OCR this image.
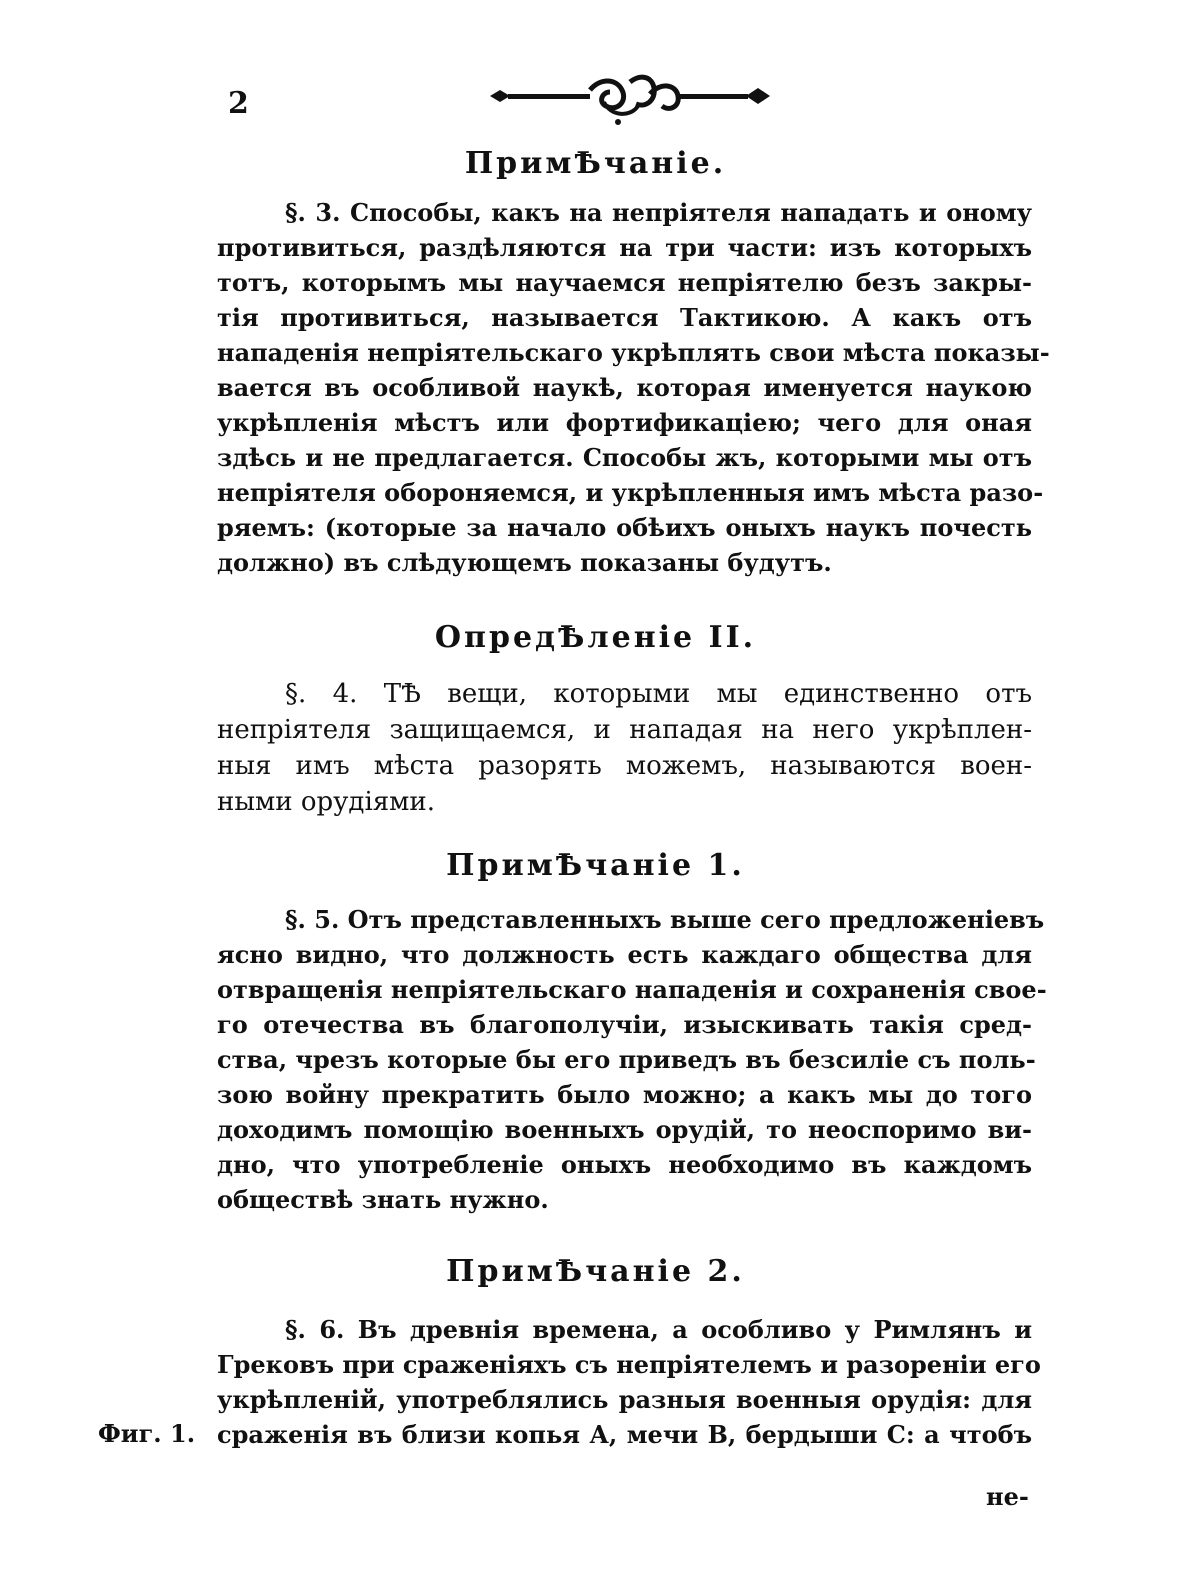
2
ПримѢчаніе.
§. 3. Способы, какъ на непріятеля нападать и оному
противиться, раздѣляются на три части: изъ которыхъ
тотъ, которымъ мы научаемся непріятелю безъ закры-
тія противиться, называется Тактикою. А какъ отъ
нападенія непріятельскаго укрѣплять свои мѣста показы-
вается въ особливой наукѣ, которая именуется наукою
укрѣпленія мѣстъ или фортификаціею; чего для оная
здѣсь и не предлагается. Способы жъ, которыми мы отъ
непріятеля обороняемся, и укрѣпленныя имъ мѣста разо-
ряемъ: (которые за начало обѣихъ оныхъ наукъ почесть
должно) въ слѣдующемъ показаны будутъ.
ОпредѢленіе II.
§. 4. ТѢ вещи, которыми мы единственно отъ
непріятеля защищаемся, и нападая на него укрѣплен-
ныя имъ мѣста разорять можемъ, называются воен-
ными орудіями.
ПримѢчаніе 1.
§. 5. Отъ представленныхъ выше сего предложеніевъ
ясно видно, что должность есть каждаго общества для
отвращенія непріятельскаго нападенія и сохраненія свое-
го отечества въ благополучіи, изыскивать такія сред-
ства, чрезъ которые бы его приведъ въ безсиліе съ поль-
зою войну прекратить было можно; а какъ мы до того
доходимъ помощію военныхъ орудій, то неоспоримо ви-
дно, что употребленіе оныхъ необходимо въ каждомъ
обществѣ знать нужно.
ПримѢчаніе 2.
§. 6. Въ древнія времена, а особливо у Римлянъ и
Грековъ при сраженіяхъ съ непріятелемъ и разореніи его
укрѣпленій, употреблялись разныя военныя орудія: для
сраженія въ близи копья А, мечи В, бердыши С: а чтобъ
Фиг. 1.
не-
